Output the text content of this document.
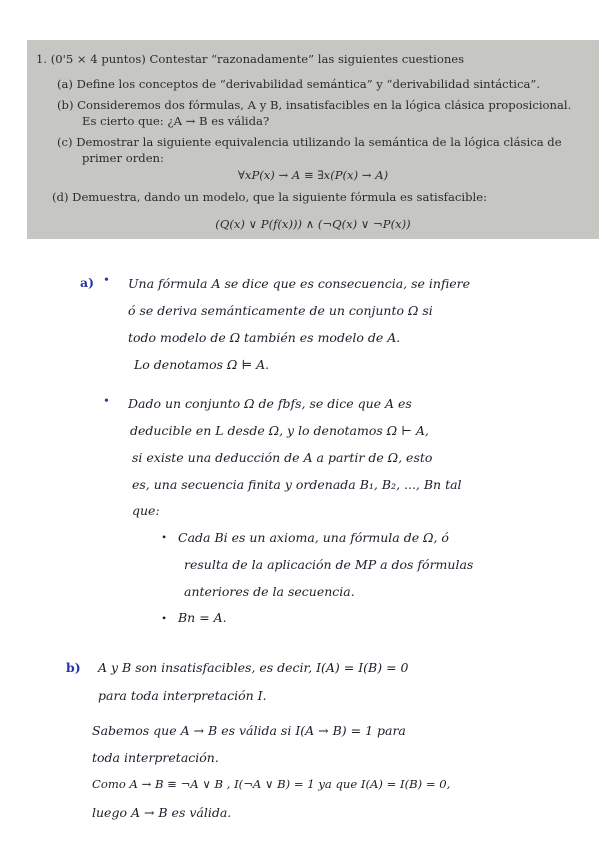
1. (0'5 × 4 puntos) Contestar “razonadamente” las siguientes cuestiones
(a) Define los conceptos de “derivabilidad semántica” y “derivabilidad sintáctica”.
(b) Consideremos dos fórmulas, A y B, insatisfacibles en la lógica clásica proposicional.
Es cierto que: ¿A → B es válida?
(c) Demostrar la siguiente equivalencia utilizando la semántica de la lógica clásica de
primer orden:
∀xP(x) → A ≡ ∃x(P(x) → A)
(d) Demuestra, dando un modelo, que la siguiente fórmula es satisfacible:
(Q(x) ∨ P(f(x))) ∧ (¬Q(x) ∨ ¬P(x))
a) • Una fórmula A se dice que es consecuencia, se infiere
ó se deriva semánticamente de un conjunto Ω si
todo modelo de Ω también es modelo de A.
Lo denotamos Ω ⊨ A.
• Dado un conjunto Ω de fbfs, se dice que A es
deducible en L desde Ω, y lo denotamos Ω ⊢ A,
si existe una deducción de A a partir de Ω, esto
es, una secuencia finita y ordenada B₁, B₂, ..., Bn tal
que:
• Cada Bi es un axioma, una fórmula de Ω, ó
resulta de la aplicación de MP a dos fórmulas
anteriores de la secuencia.
• Bn = A.
b) A y B son insatisfacibles, es decir, I(A) = I(B) = 0
para toda interpretación I.
Sabemos que A → B es válida si I(A → B) = 1 para
toda interpretación.
Como A → B ≡ ¬A ∨ B , I(¬A ∨ B) = 1 ya que I(A) = I(B) = 0,
luego A → B es válida.
